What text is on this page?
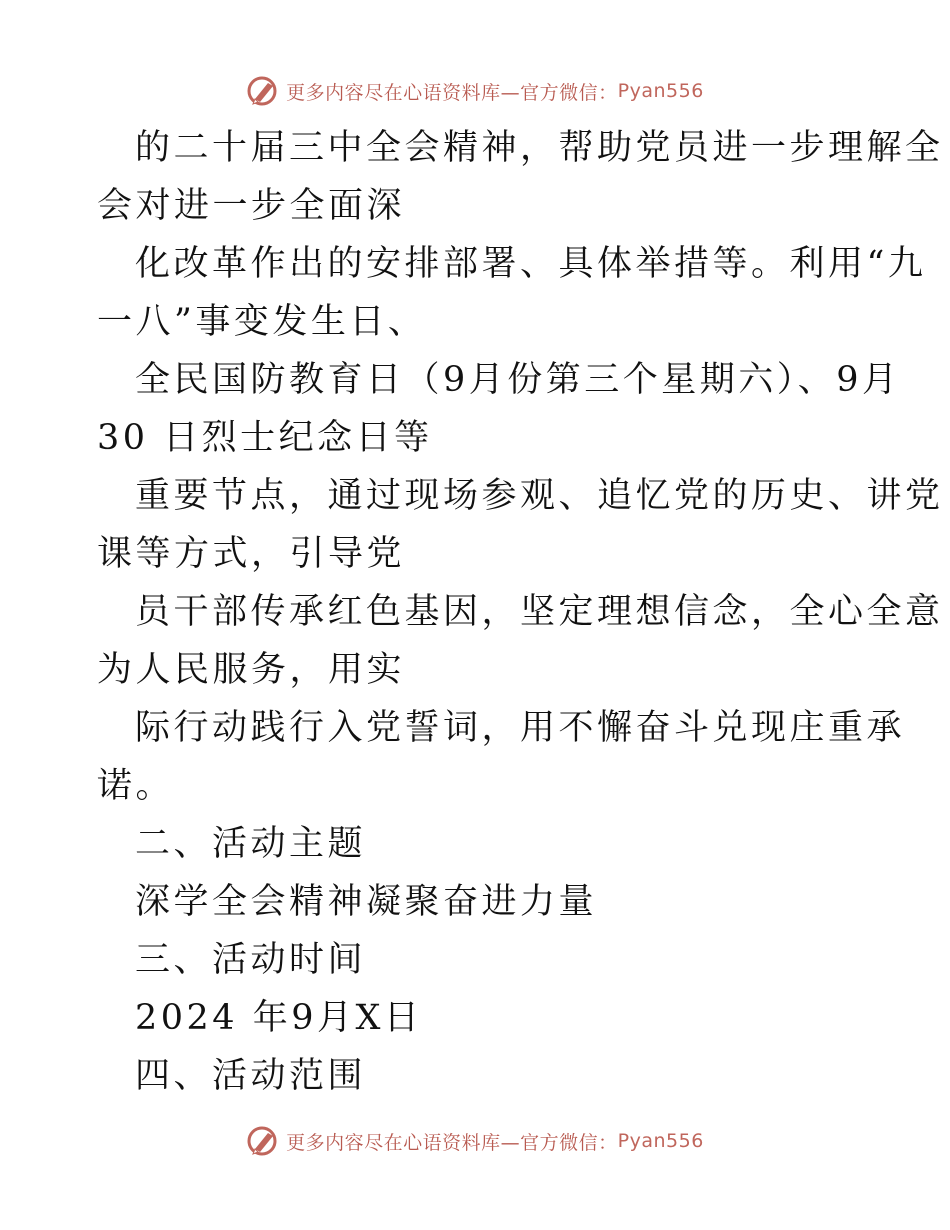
更多内容尽在心语资料库—官方微信： Pyan556
的二十届三中全会精神，帮助党员进一步理解全
会对进一步全面深
化改革作出的安排部署、具体举措等。利用“九
一八”事变发生日、
全民国防教育日（9月份第三个星期六）、9月
30 日烈士纪念日等
重要节点，通过现场参观、追忆党的历史、讲党
课等方式，引导党
员干部传承红色基因，坚定理想信念，全心全意
为人民服务，用实
际行动践行入党誓词，用不懈奋斗兑现庄重承
诺。
二、活动主题
深学全会精神凝聚奋进力量
三、活动时间
2024 年9月X日
四、活动范围
更多内容尽在心语资料库—官方微信： Pyan556
